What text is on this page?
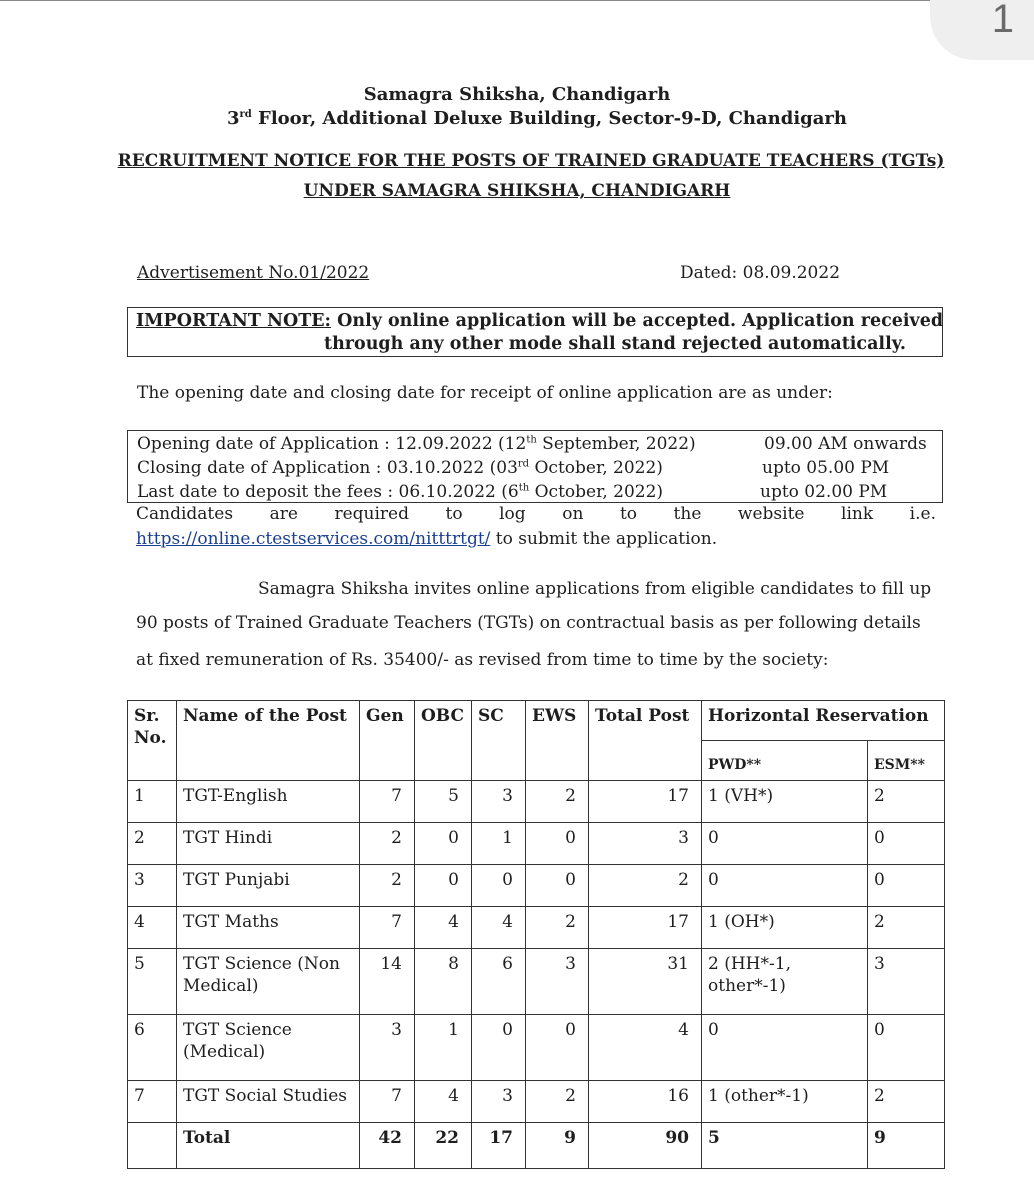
1
Samagra Shiksha, Chandigarh
3rd Floor, Additional Deluxe Building, Sector-9-D, Chandigarh
RECRUITMENT NOTICE FOR THE POSTS OF TRAINED GRADUATE TEACHERS (TGTs)
UNDER SAMAGRA SHIKSHA, CHANDIGARH
Advertisement No.01/2022	Dated: 08.09.2022
IMPORTANT NOTE: Only online application will be accepted. Application received
through any other mode shall stand rejected automatically.
The opening date and closing date for receipt of online application are as under:
Opening date of Application : 12.09.2022 (12th September, 2022)	09.00 AM onwards
Closing date of Application : 03.10.2022 (03rd October, 2022)	upto 05.00 PM
Last date to deposit the fees : 06.10.2022 (6th October, 2022)	upto 02.00 PM
Candidates are required to log on to the website link i.e.
https://online.ctestservices.com/nitttrtgt/ to submit the application.
Samagra Shiksha invites online applications from eligible candidates to fill up
90 posts of Trained Graduate Teachers (TGTs) on contractual basis as per following details
at fixed remuneration of Rs. 35400/- as revised from time to time by the society:
Sr. No.	Name of the Post	Gen	OBC	SC	EWS	Total Post	Horizontal Reservation	
							PWD**	ESM**
1	TGT-English	7	5	3	2	17	1 (VH*)	2
2	TGT Hindi	2	0	1	0	3	0	0
3	TGT Punjabi	2	0	0	0	2	0	0
4	TGT Maths	7	4	4	2	17	1 (OH*)	2
5	TGT Science (Non Medical)	14	8	6	3	31	2 (HH*-1, other*-1)	3
6	TGT Science (Medical)	3	1	0	0	4	0	0
7	TGT Social Studies	7	4	3	2	16	1 (other*-1)	2
	Total	42	22	17	9	90	5	9
